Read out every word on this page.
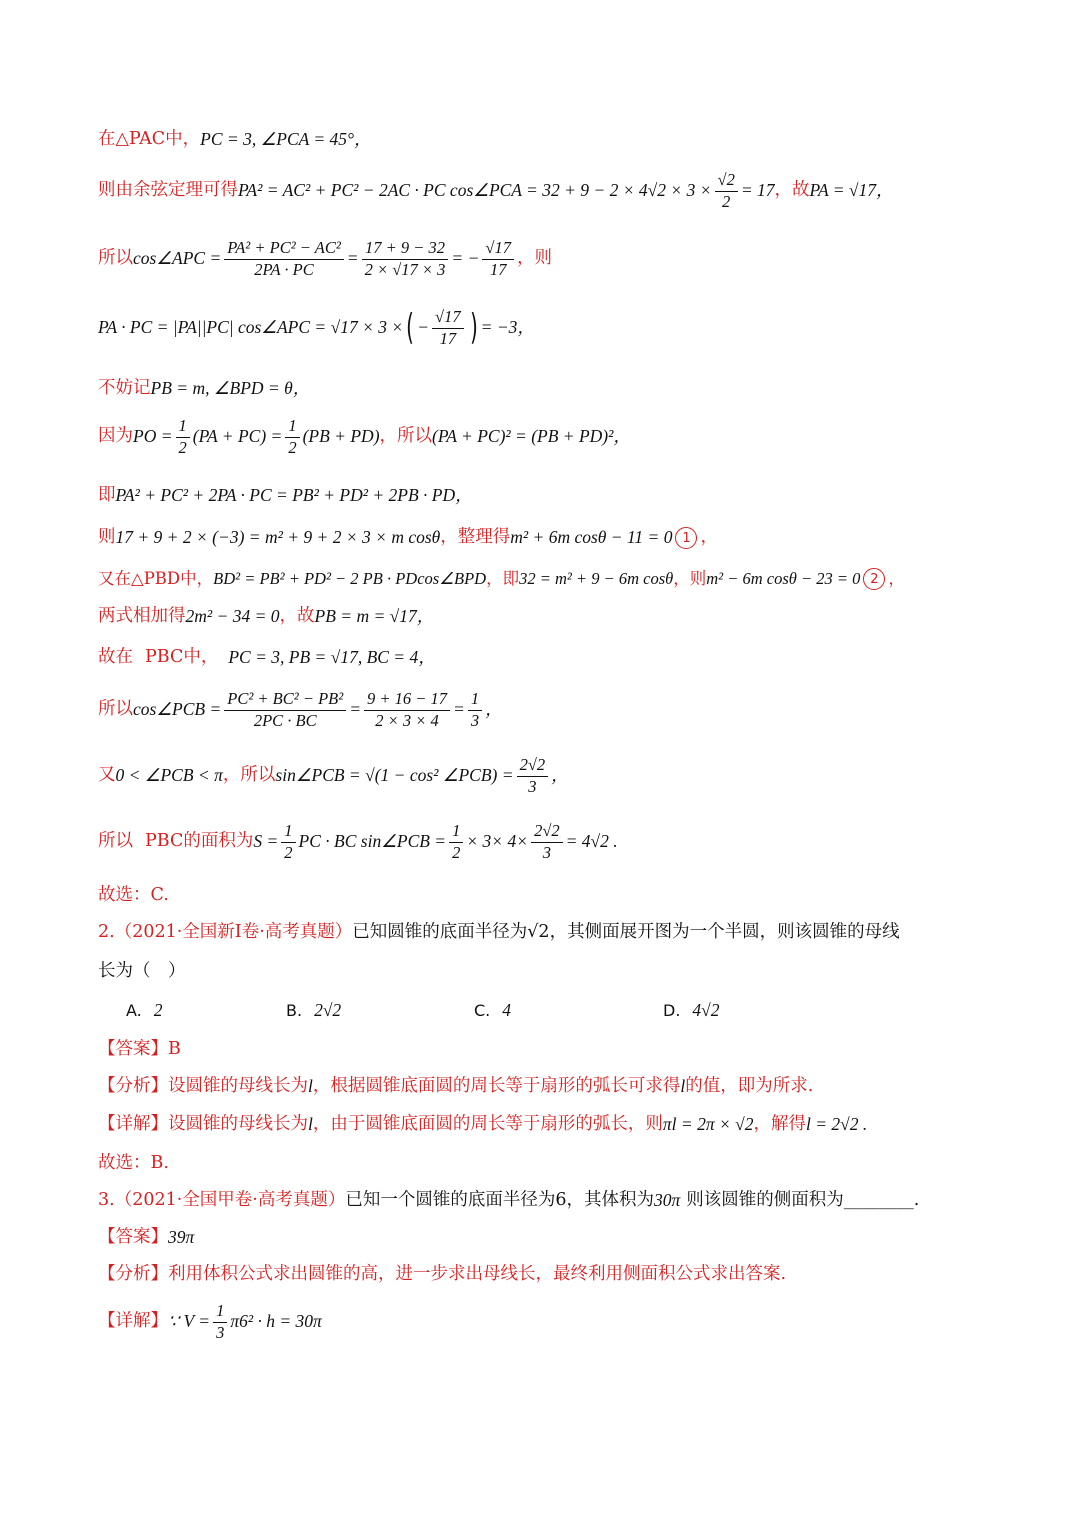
在△PAC中， PC = 3, ∠PCA = 45°，
则由余弦定理可得 PA² = AC² + PC² − 2AC · PC cos∠PCA = $32 + 9 - 2 \times 4√2 \times 3 \times \frac{√2}{2} = 17$ ，故 PA = √17，
所以 cos∠APC = $\frac{\text{PA² + PC² − AC²}}{2PA \cdot PC} = \frac{17 + 9 - 32}{2 \times √17 \times 3}$ = − $\frac{√17}{17}$ ，则
PA · PC = |PA||PC| cos∠APC = √17 × 3 × ( − $\frac{√17}{17}$ ) = −3，
不妨记 PB = m, ∠BPD = θ，
因为 PO = $\frac{1}{2} (PA + PC) = \frac{1}{2} (PB + PD)$ ，所以 (PA + PC)² = (PB + PD)²，
即 PA² + PC² + 2PA · PC = PB² + PD² + 2PB · PD，
则 17 + 9 + 2 × (−3) = m² + 9 + 2 × 3 × m cosθ ，整理得 m² + 6m cosθ − 11 = 0 1 ，
又在△PBD中， BD² = PB² + PD² − 2 PB · PDcos∠BPD ，即 32 = m² + 9 − 6m cosθ ，则 m² − 6m cosθ − 23 = 0 2 ，
两式相加得 2m² − 34 = 0 ，故 PB = m = √17，
故在 PBC中， PC = 3, PB = √17, BC = 4，
所以 cos∠PCB = $\frac{\text{PC² + BC² − PB²}}{2PC \cdot BC} = \frac{9 + 16 - 17}{2 \times 3 \times 4} = \frac{1}{3}$ ，
又 0 < ∠PCB < π ，所以 sin∠PCB = √(1 − cos² ∠PCB) = $\frac{2√2}{3}$ ，
所以 PBC的面积为 $S = \frac{1}{2}$ PC · BC sin∠PCB = $\frac{1}{2} \times 3\times 4\times \frac{2√2}{3} = 4√2$ .
故选：C.
2.（2021·全国新Ⅰ卷·高考真题） 已知圆锥的底面半径为√2，其侧面展开图为一个半圆，则该圆锥的母线
长为（　）
A. 2	B. 2√2	C. 4	D. 4√2
【答案】 B
【分析】 设圆锥的母线长为 l ，根据圆锥底面圆的周长等于扇形的弧长可求得 l 的值，即为所求.
【详解】 设圆锥的母线长为 l ，由于圆锥底面圆的周长等于扇形的弧长，则 πl = 2π × √2 ，解得 l = 2√2 .
故选：B.
3.（2021·全国甲卷·高考真题） 已知一个圆锥的底面半径为6，其体积为 30π 则该圆锥的侧面积为________.
【答案】 39π
【分析】 利用体积公式求出圆锥的高，进一步求出母线长，最终利用侧面积公式求出答案.
【详解】 ∵ $V = \frac{1}{3} \pi 6^2 \cdot h = 30\pi$
